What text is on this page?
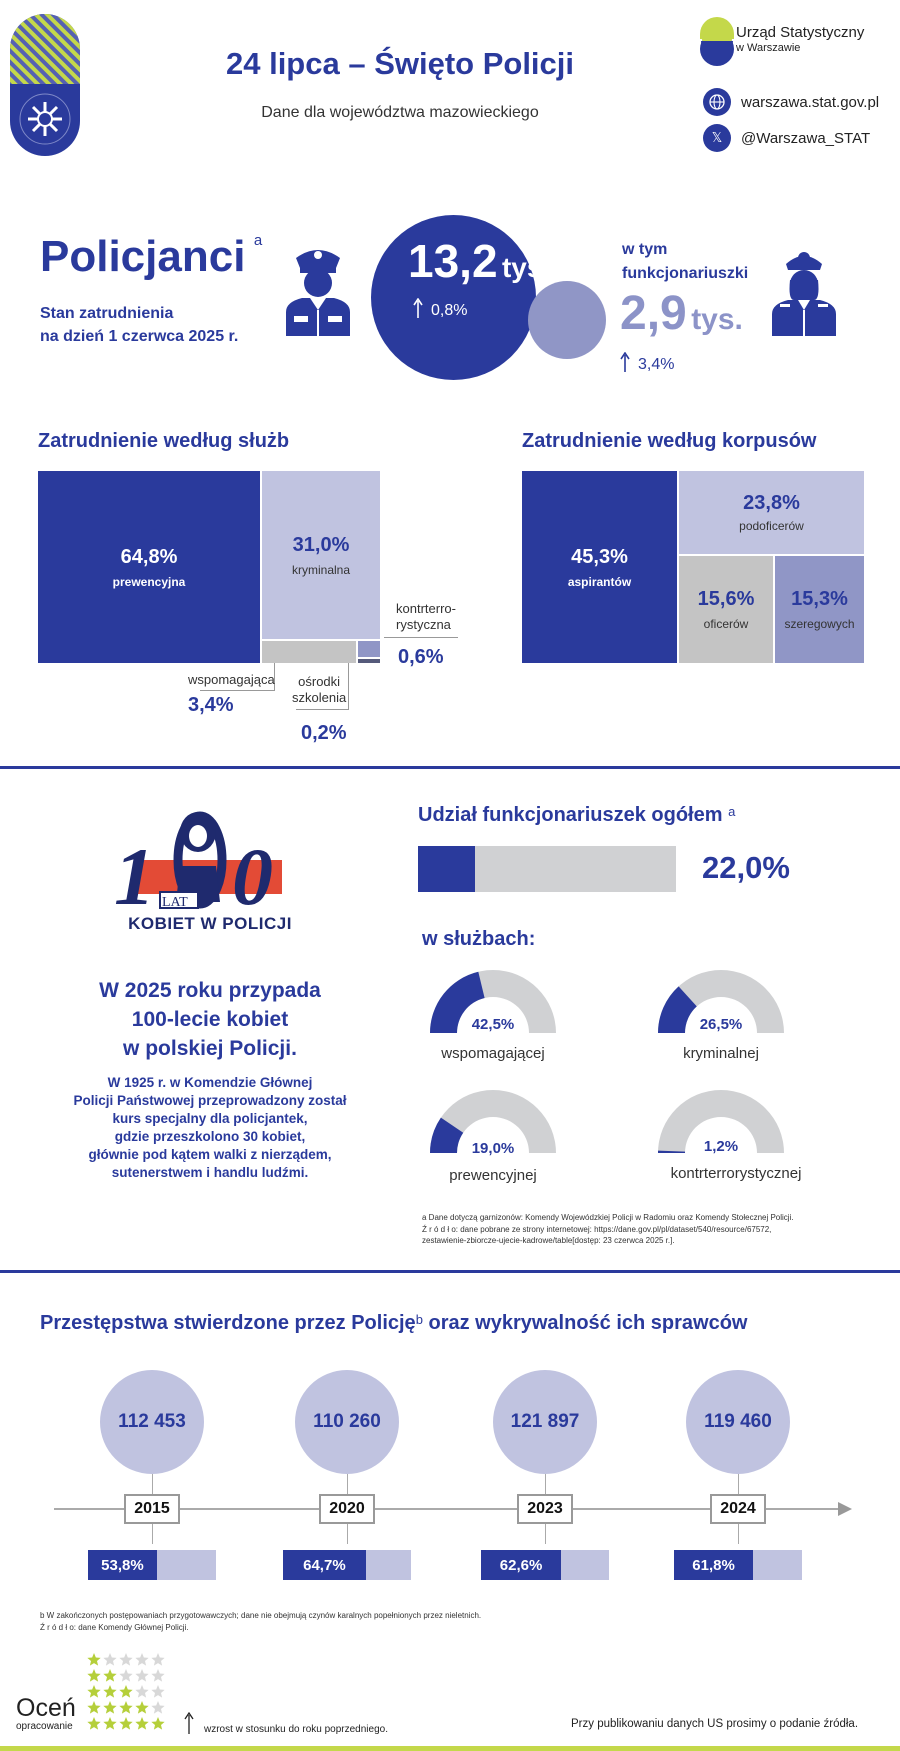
24 lipca – Święto Policji
Dane dla województwa mazowieckiego
Urząd Statystyczny
w Warszawie
warszawa.stat.gov.pl
𝕏	@Warszawa_STAT
Policjanci a
Stan zatrudnienia
na dzień 1 czerwca 2025 r.
13,2 tys.
0,8%
w tym
funkcjonariuszki
2,9 tys.
3,4%
Zatrudnienie według służb
64,8%
prewencyjna
31,0%
kryminalna
wspomagająca
3,4%
ośrodki
szkolenia
0,2%
kontrterro-
rystyczna
0,6%
Zatrudnienie według korpusów
45,3%
aspirantów
23,8%
podoficerów
15,6%
oficerów
15,3%
szeregowych
1 0
LAT
KOBIET W POLICJI
W 2025 roku przypada
100-lecie kobiet
w polskiej Policji.
W 1925 r. w Komendzie Głównej
Policji Państwowej przeprowadzony został
kurs specjalny dla policjantek,
gdzie przeszkolono 30 kobiet,
głównie pod kątem walki z nierządem,
sutenerstwem i handlu ludźmi.
Udział funkcjonariuszek ogółem $^a$
22,0%
w służbach:
42,5%
wspomagającej
26,5%
kryminalnej
19,0%
prewencyjnej
1,2%
kontrterrorystycznej
a Dane dotyczą garnizonów: Komendy Wojewódzkiej Policji w Radomiu oraz Komendy Stołecznej Policji.
Ź r ó d ł o: dane pobrane ze strony internetowej: https://dane.gov.pl/pl/dataset/540/resource/67572,
zestawienie-zbiorcze-ujecie-kadrowe/table[dostęp: 23 czerwca 2025 r.].
Przestępstwa stwierdzone przez Policję$^b$ oraz wykrywalność ich sprawców
112 453
2015
53,8%
110 260
2020
64,7%
121 897
2023
62,6%
119 460
2024
61,8%
b W zakończonych postępowaniach przygotowawczych; dane nie obejmują czynów karalnych popełnionych przez nieletnich.
Ź r ó d ł o: dane Komendy Głównej Policji.
Oceń
opracowanie	wzrost w stosunku do roku poprzedniego.	Przy publikowaniu danych US prosimy o podanie źródła.
